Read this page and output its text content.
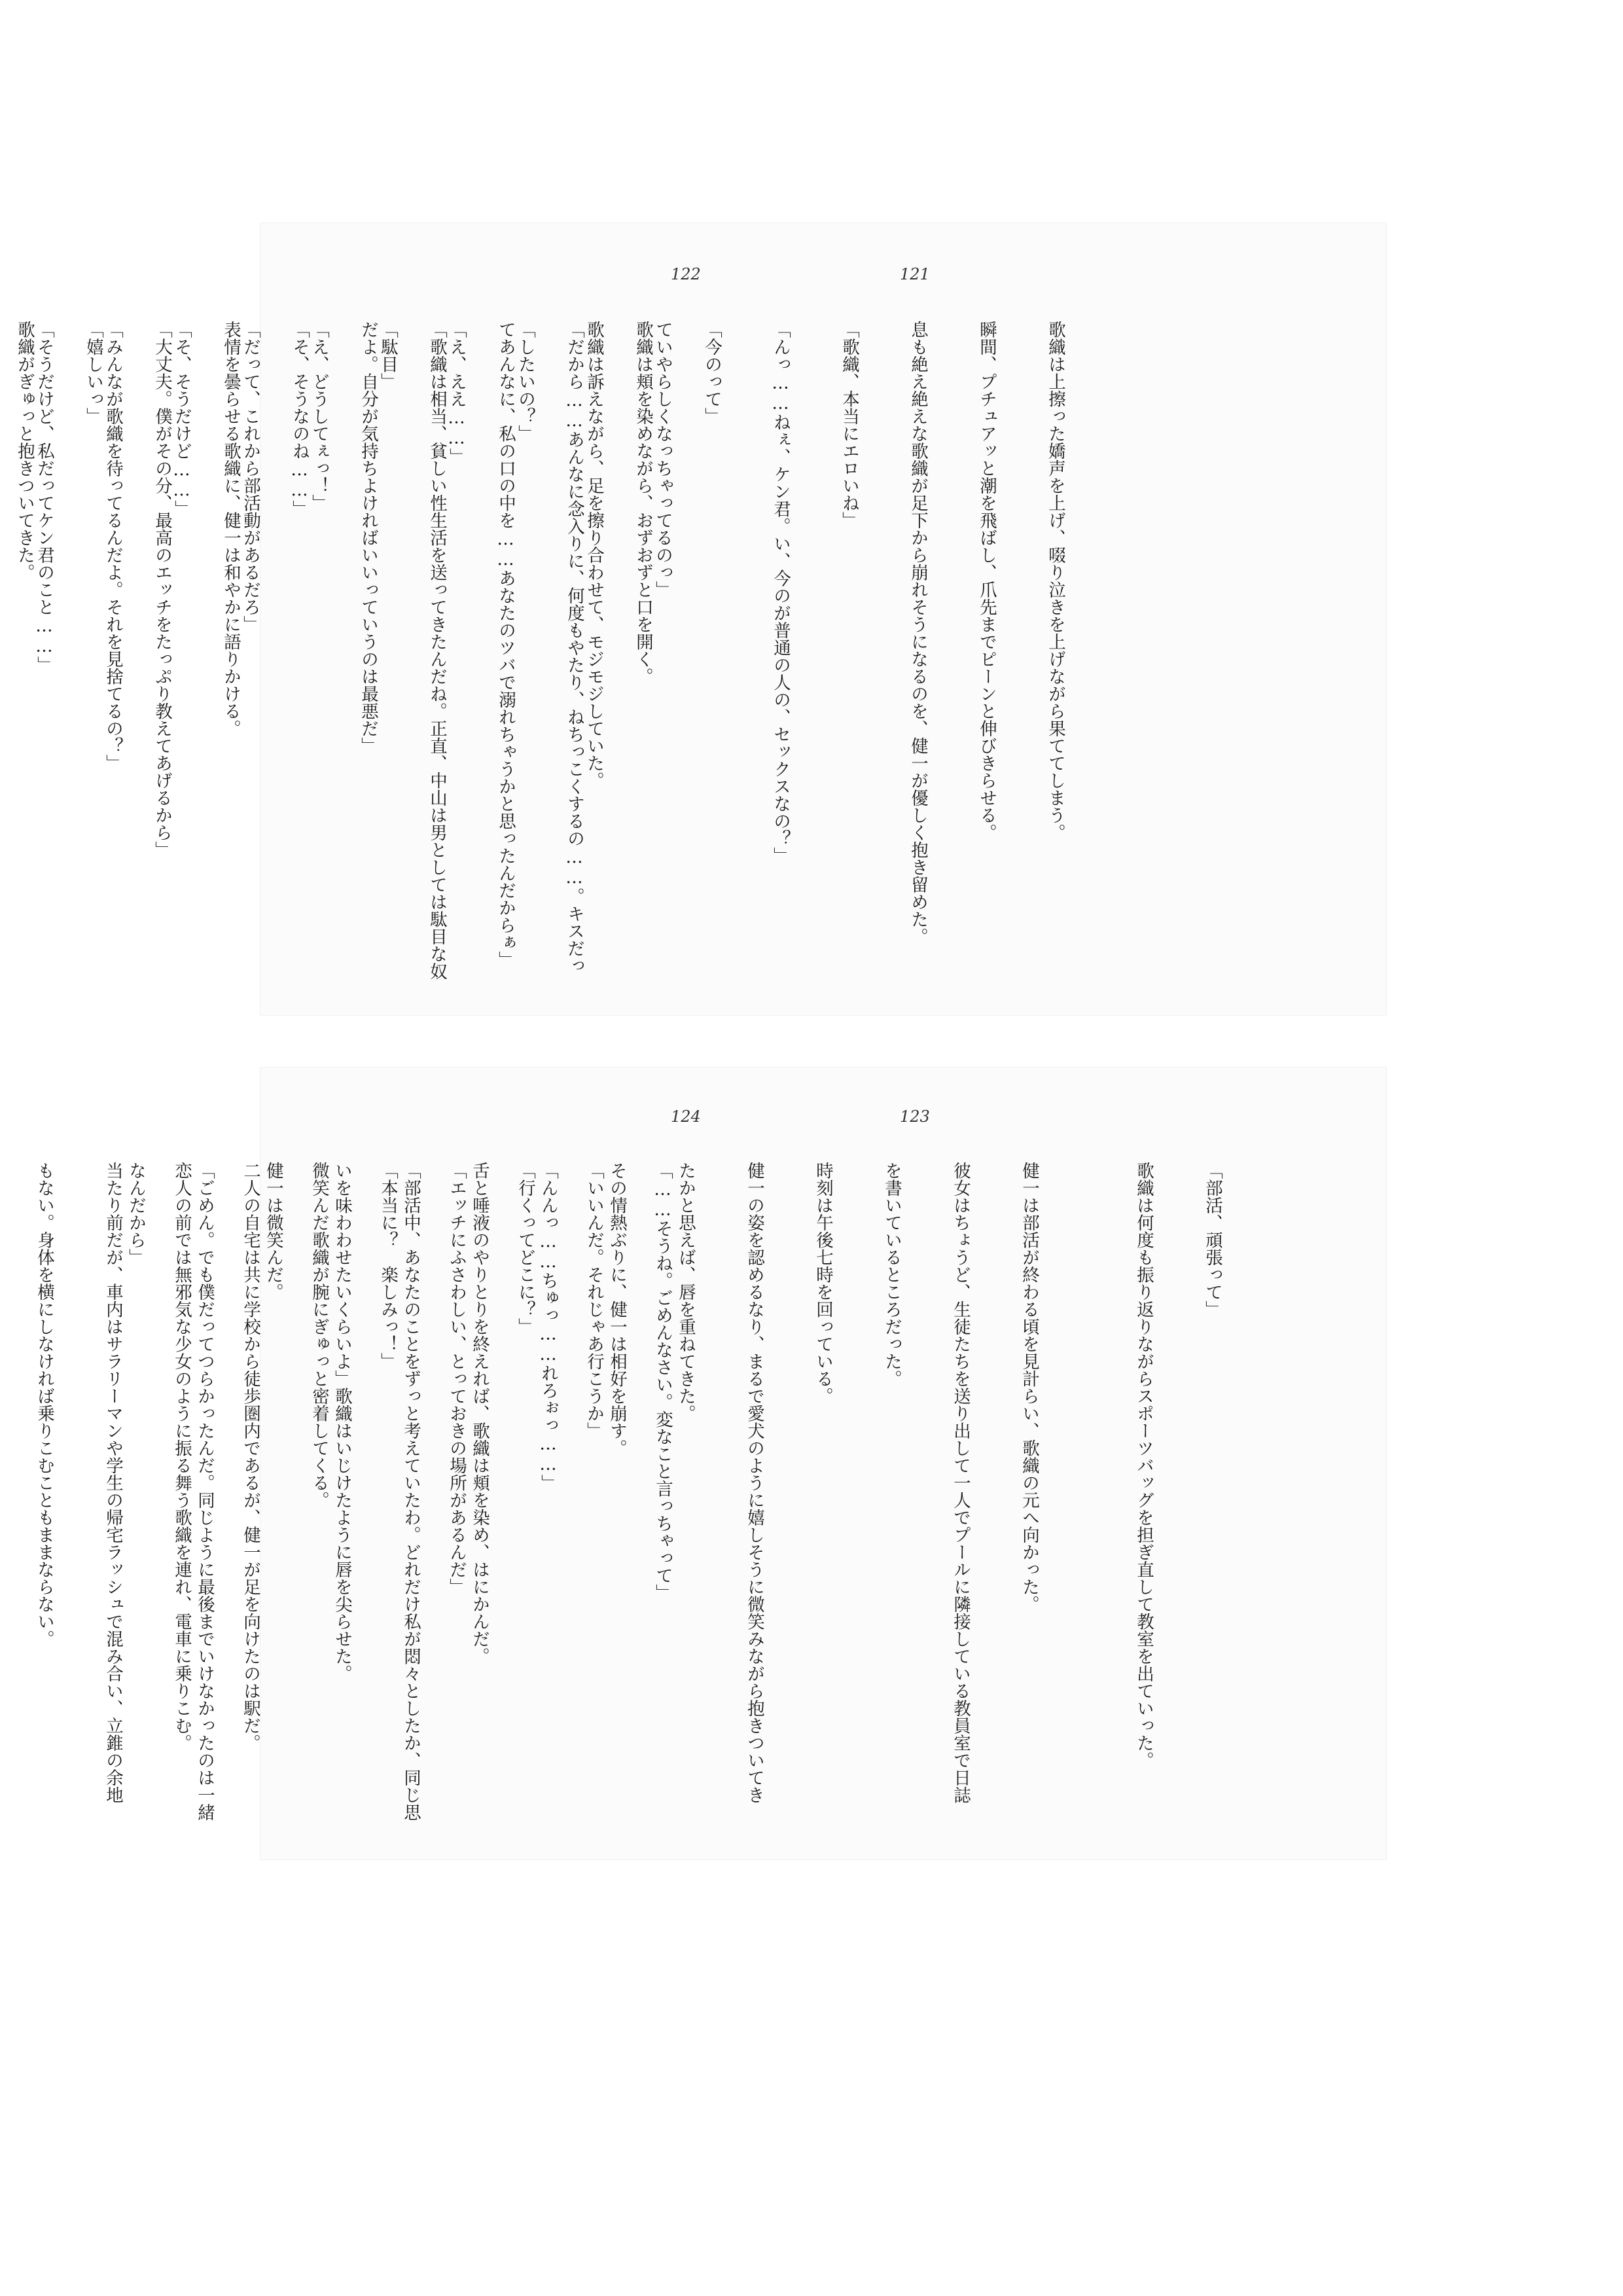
122	121

歌織は上擦った嬌声を上げ、啜り泣きを上げながら果ててしまう。

瞬間、プチュアッと潮を飛ばし、爪先までピーンと伸びきらせる。

息も絶え絶えな歌織が足下から崩れそうになるのを、健一が優しく抱き留めた。

「歌織、本当にエロいね」

「んっ……ねぇ、ケン君。い、今のが普通の人の、セックスなの？」

「今のって」

歌織は頬を染めながら、おずおずと口を開く。

「だから……あんなに念入りに、何度もやたり、ねちっこくするの……。キスだっ

てあんなに、私の口の中を……あなたのツバで溺れちゃうかと思ったんだからぁ」

「歌織は相当、貧しい性生活を送ってきたんだね。正直、中山は男としては駄目な奴

だよ。自分が気持ちよければいいっていうのは最悪だ」

「そ、そうなのね……」

表情を曇らせる歌織に、健一は和やかに語りかける。

「大丈夫。僕がその分、最高のエッチをたっぷり教えてあげるから」

「嬉しいっ」

歌織がぎゅっと抱きついてきた。

	ていやらしくなっちゃってるのっ」

歌織は訴えながら、足を擦り合わせて、モジモジしていた。

「したいの？」

「え、ええ……」

「駄目」

「え、どうしてぇっ！」

「だって、これから部活動があるだろ」

「そ、そうだけど……」

「みんなが歌織を待ってるんだよ。それを見捨てるの？」

「そうだけど、私だってケン君のこと……」

124	123

「部活、頑張って」

歌織は何度も振り返りながらスポーツバッグを担ぎ直して教室を出ていった。

健一は部活が終わる頃を見計らい、歌織の元へ向かった。

彼女はちょうど、生徒たちを送り出して一人でプールに隣接している教員室で日誌

を書いているところだった。

時刻は午後七時を回っている。

健一の姿を認めるなり、まるで愛犬のように嬉しそうに微笑みながら抱きついてき

たかと思えば、唇を重ねてきた。

その情熱ぶりに、健一は相好を崩す。

「んんっ……ちゅっ……れろぉっ……」

舌と唾液のやりとりを終えれば、歌織は頬を染め、はにかんだ。

「部活中、あなたのことをずっと考えていたわ。どれだけ私が悶々としたか、同じ思

いを味わわせたいくらいよ」歌織はいじけたように唇を尖らせた。

健一は微笑んだ。

「ごめん。でも僕だってつらかったんだ。同じように最後までいけなかったのは一緒

なんだから」

	「……そうね。ごめんなさい。変なこと言っちゃって」

「いいんだ。それじゃあ行こうか」

「行くってどこに？」

「エッチにふさわしい、とっておきの場所があるんだ」

「本当に？　楽しみっ！」

微笑んだ歌織が腕にぎゅっと密着してくる。

二人の自宅は共に学校から徒歩圏内であるが、健一が足を向けたのは駅だ。

恋人の前では無邪気な少女のように振る舞う歌織を連れ、電車に乗りこむ。

当たり前だが、車内はサラリーマンや学生の帰宅ラッシュで混み合い、立錐の余地

もない。身体を横にしなければ乗りこむこともままならない。
